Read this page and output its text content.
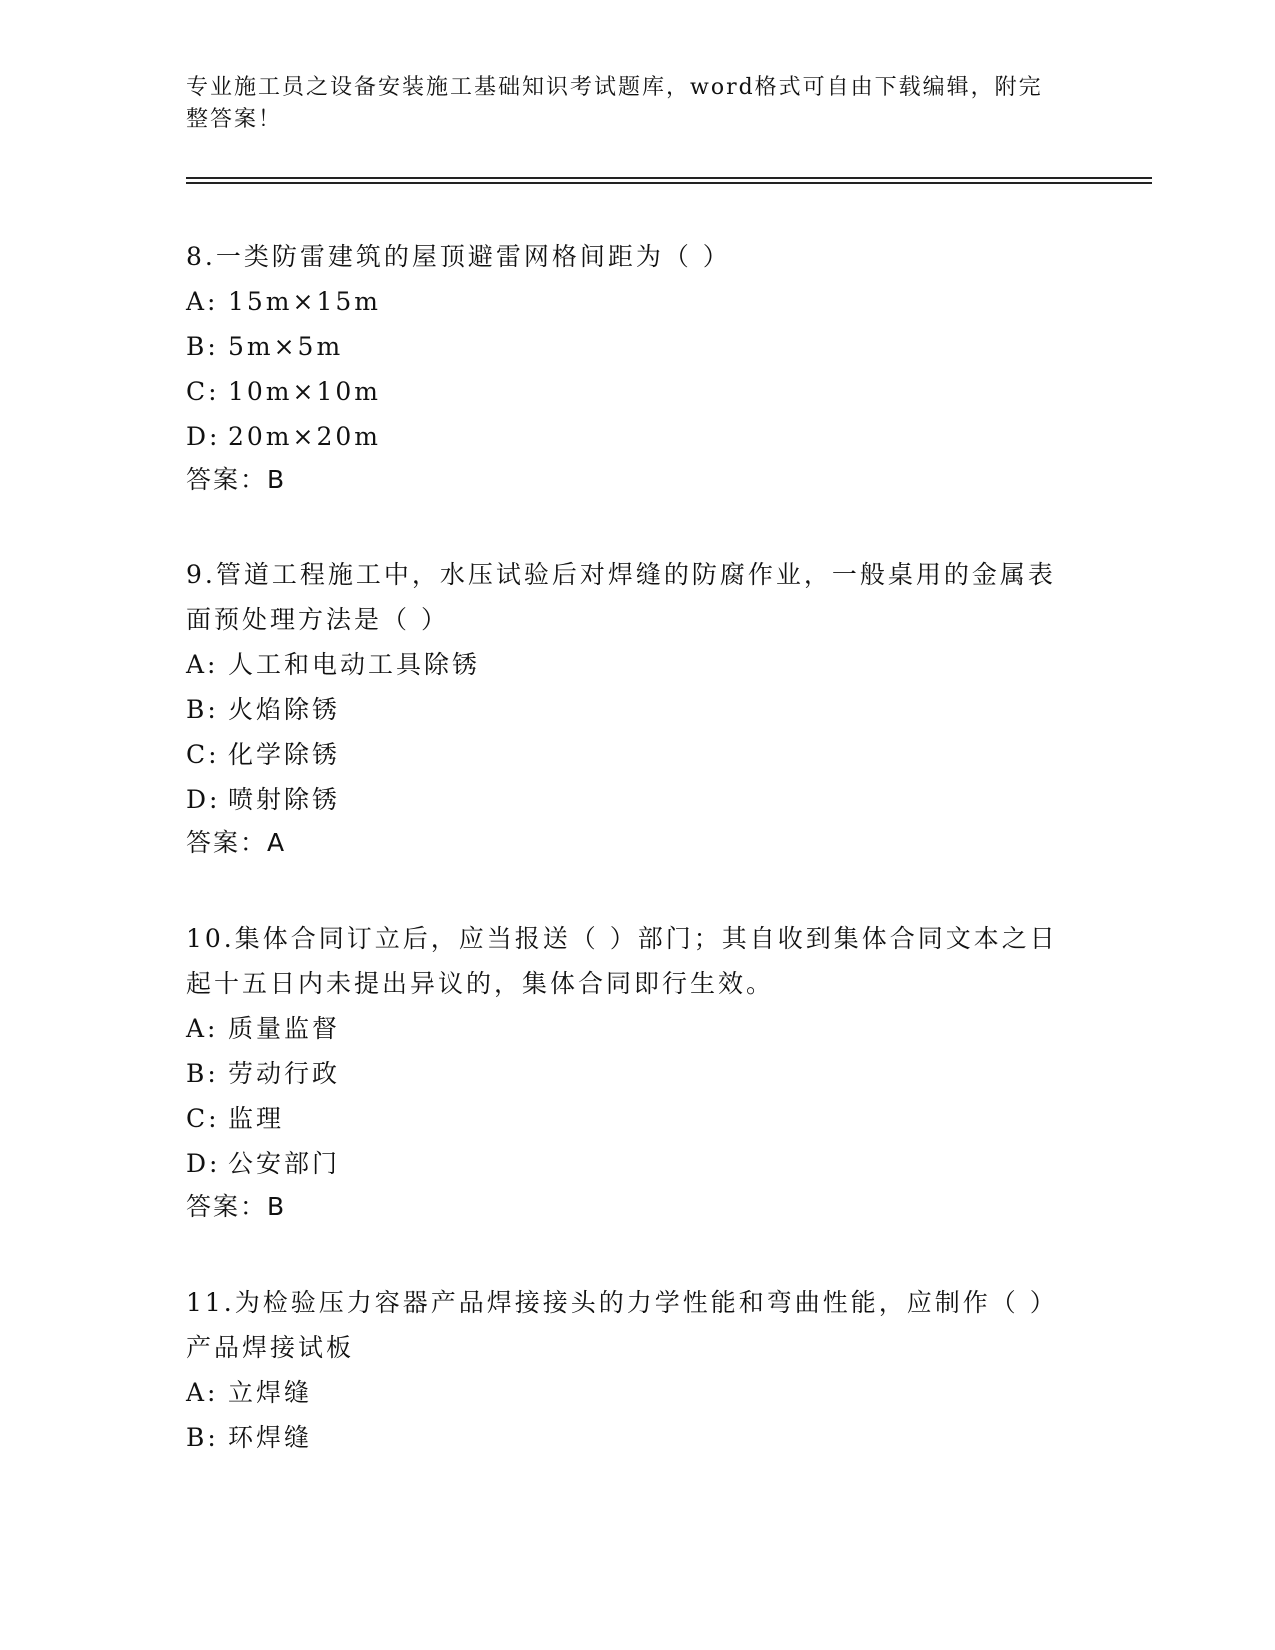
专业施工员之设备安装施工基础知识考试题库，word格式可自由下载编辑，附完整答案！

8.一类防雷建筑的屋顶避雷网格间距为（ ）

A: 15m×15m

B: 5m×5m

C: 10m×10m

D: 20m×20m

答案：B

9.管道工程施工中，水压试验后对焊缝的防腐作业，一般桌用的金属表面预处理方法是（ ）

A: 人工和电动工具除锈

B: 火焰除锈

C: 化学除锈

D: 喷射除锈

答案：A

10.集体合同订立后，应当报送（ ）部门；其自收到集体合同文本之日起十五日内未提出异议的，集体合同即行生效。

A: 质量监督

B: 劳动行政

C: 监理

D: 公安部门

答案：B

11.为检验压力容器产品焊接接头的力学性能和弯曲性能，应制作（ ）产品焊接试板

A: 立焊缝

B: 环焊缝
